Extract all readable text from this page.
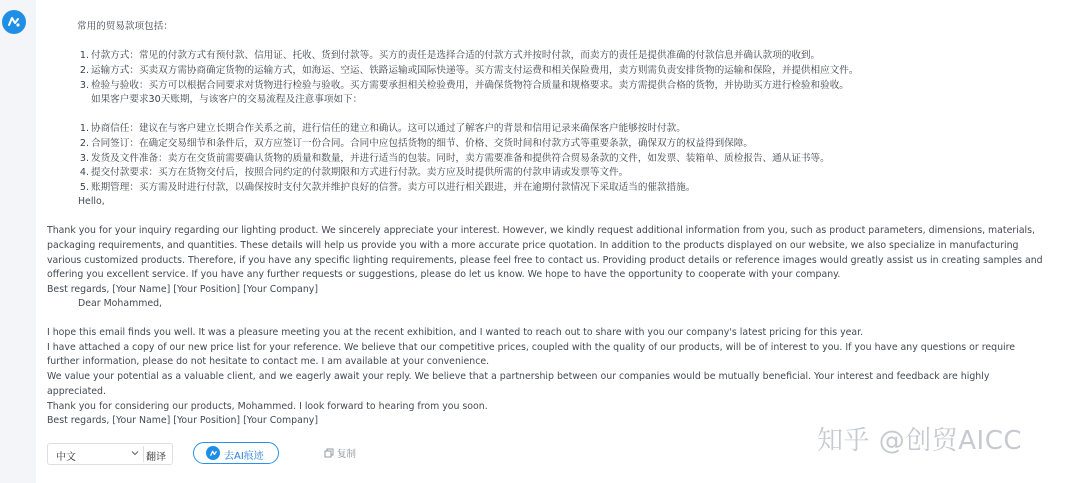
常用的贸易款项包括：
1. 付款方式：常见的付款方式有预付款、信用证、托收、货到付款等。买方的责任是选择合适的付款方式并按时付款，而卖方的责任是提供准确的付款信息并确认款项的收到。
2. 运输方式：买卖双方需协商确定货物的运输方式，如海运、空运、铁路运输或国际快递等。买方需支付运费和相关保险费用，卖方则需负责安排货物的运输和保险，并提供相应文件。
3. 检验与验收：买方可以根据合同要求对货物进行检验与验收。买方需要承担相关检验费用，并确保货物符合质量和规格要求。卖方需提供合格的货物，并协助买方进行检验和验收。
如果客户要求30天账期，与该客户的交易流程及注意事项如下：
1. 协商信任：建议在与客户建立长期合作关系之前，进行信任的建立和确认。这可以通过了解客户的背景和信用记录来确保客户能够按时付款。
2. 合同签订：在确定交易细节和条件后，双方应签订一份合同。合同中应包括货物的细节、价格、交货时间和付款方式等重要条款，确保双方的权益得到保障。
3. 发货及文件准备：卖方在交货前需要确认货物的质量和数量，并进行适当的包装。同时，卖方需要准备和提供符合贸易条款的文件，如发票、装箱单、质检报告、通从证书等。
4. 提交付款要求：买方在货物交付后，按照合同约定的付款期限和方式进行付款。卖方应及时提供所需的付款申请或发票等文件。
5. 账期管理：买方需及时进行付款，以确保按时支付欠款并维护良好的信誉。卖方可以进行相关跟进，并在逾期付款情况下采取适当的催款措施。
Hello,
Thank you for your inquiry regarding our lighting product. We sincerely appreciate your interest. However, we kindly request additional information from you, such as product parameters, dimensions, materials,
packaging requirements, and quantities. These details will help us provide you with a more accurate price quotation. In addition to the products displayed on our website, we also specialize in manufacturing
various customized products. Therefore, if you have any specific lighting requirements, please feel free to contact us. Providing product details or reference images would greatly assist us in creating samples and
offering you excellent service. If you have any further requests or suggestions, please do let us know. We hope to have the opportunity to cooperate with your company.
Best regards, [Your Name] [Your Position] [Your Company]
Dear Mohammed,
I hope this email finds you well. It was a pleasure meeting you at the recent exhibition, and I wanted to reach out to share with you our company's latest pricing for this year.
I have attached a copy of our new price list for your reference. We believe that our competitive prices, coupled with the quality of our products, will be of interest to you. If you have any questions or require
further information, please do not hesitate to contact me. I am available at your convenience.
We value your potential as a valuable client, and we eagerly await your reply. We believe that a partnership between our companies would be mutually beneficial. Your interest and feedback are highly
appreciated.
Thank you for considering our products, Mohammed. I look forward to hearing from you soon.
Best regards, [Your Name] [Your Position] [Your Company]
中文	翻译	去AI痕迹	复制	知乎 @创贸AICC
